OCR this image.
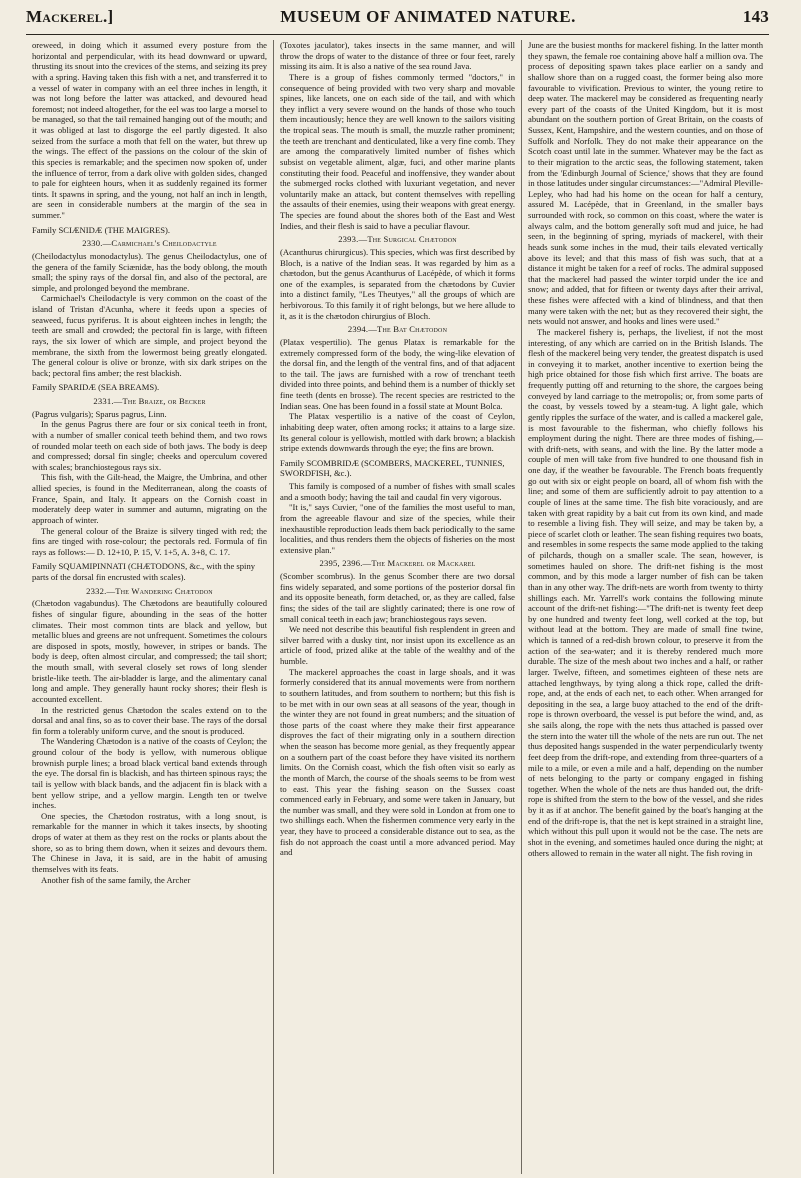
Mackerel.]	MUSEUM OF ANIMATED NATURE.	143

oreweed, in doing which it assumed every posture from the horizontal and perpendicular, with its head downward or upward, thrusting its snout into the crevices of the stems, and seizing its prey with a spring. Having taken this fish with a net, and transferred it to a vessel of water in company with an eel three inches in length, it was not long before the latter was attacked, and devoured head foremost; not indeed altogether, for the eel was too large a morsel to be managed, so that the tail remained hanging out of the mouth; and it was obliged at last to disgorge the eel partly digested. It also seized from the surface a moth that fell on the water, but threw up the wings. The effect of the passions on the colour of the skin of this species is remarkable; and the specimen now spoken of, under the influence of terror, from a dark olive with golden sides, changed to pale for eighteen hours, when it as suddenly regained its former tints. It spawns in spring, and the young, not half an inch in length, are seen in considerable numbers at the margin of the sea in summer."

Family SCIÆNIDÆ (THE MAIGRES).

2330.—Carmichael's Cheilodactyle

(Cheilodactylus monodactylus). The genus Cheilodactylus, one of the genera of the family Sciænidæ, has the body oblong, the mouth small; the spiny rays of the dorsal fin, and also of the pectoral, are simple, and prolonged beyond the membrane.

Carmichael's Cheilodactyle is very common on the coast of the island of Tristan d'Acunha, where it feeds upon a species of seaweed, fucus pyriferus. It is about eighteen inches in length; the teeth are small and crowded; the pectoral fin is large, with fifteen rays, the six lower of which are simple, and project beyond the membrane, the sixth from the lowermost being greatly elongated. The general colour is olive or bronze, with six dark stripes on the back; pectoral fins amber; the rest blackish.

Family SPARIDÆ (SEA BREAMS).

2331.—The Braize, or Becker

(Pagrus vulgaris); Sparus pagrus, Linn.

In the genus Pagrus there are four or six conical teeth in front, with a number of smaller conical teeth behind them, and two rows of rounded molar teeth on each side of both jaws. The body is deep and compressed; dorsal fin single; cheeks and operculum covered with scales; branchiostegous rays six.

This fish, with the Gilt-head, the Maigre, the Umbrina, and other allied species, is found in the Mediterranean, along the coasts of France, Spain, and Italy. It appears on the Cornish coast in moderately deep water in summer and autumn, migrating on the approach of winter.

The general colour of the Braize is silvery tinged with red; the fins are tinged with rose-colour; the pectorals red. Formula of fin rays as follows:— D. 12+10, P. 15, V. 1+5, A. 3+8, C. 17.

Family SQUAMIPINNATI (CHÆTODONS, &c., with the spiny parts of the dorsal fin encrusted with scales).

2332.—The Wandering Chætodon

(Chætodon vagabundus). The Chætodons are beautifully coloured fishes of singular figure, abounding in the seas of the hotter climates. Their most common tints are black and yellow, but metallic blues and greens are not unfrequent. Sometimes the colours are disposed in spots, mostly, however, in stripes or bands. The body is deep, often almost circular, and compressed; the tail short; the mouth small, with several closely set rows of long slender bristle-like teeth. The air-bladder is large, and the alimentary canal long and ample. They generally haunt rocky shores; their flesh is accounted excellent.

In the restricted genus Chætodon the scales extend on to the dorsal and anal fins, so as to cover their base. The rays of the dorsal fin form a tolerably uniform curve, and the snout is produced.

The Wandering Chætodon is a native of the coasts of Ceylon; the ground colour of the body is yellow, with numerous oblique brownish purple lines; a broad black vertical band extends through the eye. The dorsal fin is blackish, and has thirteen spinous rays; the tail is yellow with black bands, and the adjacent fin is black with a bent yellow stripe, and a yellow margin. Length ten or twelve inches.

One species, the Chætodon rostratus, with a long snout, is remarkable for the manner in which it takes insects, by shooting drops of water at them as they rest on the rocks or plants about the shore, so as to bring them down, when it seizes and devours them. The Chinese in Java, it is said, are in the habit of amusing themselves with its feats.

Another fish of the same family, the Archer

(Toxotes jaculator), takes insects in the same manner, and will throw the drops of water to the distance of three or four feet, rarely missing its aim. It is also a native of the sea round Java.

There is a group of fishes commonly termed "doctors," in consequence of being provided with two very sharp and movable spines, like lancets, one on each side of the tail, and with which they inflict a very severe wound on the hands of those who touch them incautiously; hence they are well known to the sailors visiting the tropical seas. The mouth is small, the muzzle rather prominent; the teeth are trenchant and denticulated, like a very fine comb. They are among the comparatively limited number of fishes which subsist on vegetable aliment, algæ, fuci, and other marine plants constituting their food. Peaceful and inoffensive, they wander about the submerged rocks clothed with luxuriant vegetation, and never voluntarily make an attack, but content themselves with repelling the assaults of their enemies, using their weapons with great energy. The species are found about the shores both of the East and West Indies, and their flesh is said to have a peculiar flavour.

2393.—The Surgical Chætodon

(Acanthurus chirurgicus). This species, which was first described by Bloch, is a native of the Indian seas. It was regarded by him as a chætodon, but the genus Acanthurus of Lacépède, of which it forms one of the examples, is separated from the chætodons by Cuvier into a distinct family, "Les Theutyes," all the groups of which are herbivorous. To this family it of right belongs, but we here allude to it, as it is the chætodon chirurgius of Bloch.

2394.—The Bat Chætodon

(Platax vespertilio). The genus Platax is remarkable for the extremely compressed form of the body, the wing-like elevation of the dorsal fin, and the length of the ventral fins, and of that adjacent to the tail. The jaws are furnished with a row of trenchant teeth divided into three points, and behind them is a number of thickly set fine teeth (dents en brosse). The recent species are restricted to the Indian seas. One has been found in a fossil state at Mount Bolca.

The Platax vespertilio is a native of the coast of Ceylon, inhabiting deep water, often among rocks; it attains to a large size. Its general colour is yellowish, mottled with dark brown; a blackish stripe extends downwards through the eye; the fins are brown.

Family SCOMBRIDÆ (SCOMBERS, MACKEREL, TUNNIES, SWORDFISH, &c.).

This family is composed of a number of fishes with small scales and a smooth body; having the tail and caudal fin very vigorous.

"It is," says Cuvier, "one of the families the most useful to man, from the agreeable flavour and size of the species, while their inexhaustible reproduction leads them back periodically to the same localities, and thus renders them the objects of fisheries on the most extensive plan."

2395, 2396.—The Mackerel or Mackarel

(Scomber scombrus). In the genus Scomber there are two dorsal fins widely separated, and some portions of the posterior dorsal fin and its opposite beneath, form detached, or, as they are called, false fins; the sides of the tail are slightly carinated; there is one row of small conical teeth in each jaw; branchiostegous rays seven.

We need not describe this beautiful fish resplendent in green and silver barred with a dusky tint, nor insist upon its excellence as an article of food, prized alike at the table of the wealthy and of the humble.

The mackerel approaches the coast in large shoals, and it was formerly considered that its annual movements were from northern to southern latitudes, and from southern to northern; but this fish is to be met with in our own seas at all seasons of the year, though in the winter they are not found in great numbers; and the situation of those parts of the coast where they make their first appearance disproves the fact of their migrating only in a southern direction when the season has become more genial, as they frequently appear on a southern part of the coast before they have visited its northern limits. On the Cornish coast, which the fish often visit so early as the month of March, the course of the shoals seems to be from west to east. This year the fishing season on the Sussex coast commenced early in February, and some were taken in January, but the number was small, and they were sold in London at from one to two shillings each. When the fishermen commence very early in the year, they have to proceed a considerable distance out to sea, as the fish do not approach the coast until a more advanced period. May and

June are the busiest months for mackerel fishing. In the latter month they spawn, the female roe containing above half a million ova. The process of depositing spawn takes place earlier on a sandy and shallow shore than on a rugged coast, the former being also more favourable to vivification. Previous to winter, the young retire to deep water. The mackerel may be considered as frequenting nearly every part of the coasts of the United Kingdom, but it is most abundant on the southern portion of Great Britain, on the coasts of Sussex, Kent, Hampshire, and the western counties, and on those of Suffolk and Norfolk. They do not make their appearance on the Scotch coast until late in the summer. Whatever may be the fact as to their migration to the arctic seas, the following statement, taken from the 'Edinburgh Journal of Science,' shows that they are found in those latitudes under singular circumstances:—"Admiral Pleville-Lepley, who had had his home on the ocean for half a century, assured M. Lacépède, that in Greenland, in the smaller bays surrounded with rock, so common on this coast, where the water is always calm, and the bottom generally soft mud and juice, he had seen, in the beginning of spring, myriads of mackerel, with their heads sunk some inches in the mud, their tails elevated vertically above its level; and that this mass of fish was such, that at a distance it might be taken for a reef of rocks. The admiral supposed that the mackerel had passed the winter torpid under the ice and snow; and added, that for fifteen or twenty days after their arrival, these fishes were affected with a kind of blindness, and that then many were taken with the net; but as they recovered their sight, the nets would not answer, and hooks and lines were used."

The mackerel fishery is, perhaps, the liveliest, if not the most interesting, of any which are carried on in the British Islands. The flesh of the mackerel being very tender, the greatest dispatch is used in conveying it to market, another incentive to exertion being the high price obtained for those fish which first arrive. The boats are frequently putting off and returning to the shore, the cargoes being conveyed by land carriage to the metropolis; or, from some parts of the coast, by vessels towed by a steam-tug. A light gale, which gently ripples the surface of the water, and is called a mackerel gale, is most favourable to the fisherman, who chiefly follows his employment during the night. There are three modes of fishing,—with drift-nets, with seans, and with the line. By the latter mode a couple of men will take from five hundred to one thousand fish in one day, if the weather be favourable. The French boats frequently go out with six or eight people on board, all of whom fish with the line; and some of them are sufficiently adroit to pay attention to a couple of lines at the same time. The fish bite voraciously, and are taken with great rapidity by a bait cut from its own kind, and made to resemble a living fish. They will seize, and may be taken by, a piece of scarlet cloth or leather. The sean fishing requires two boats, and resembles in some respects the same mode applied to the taking of pilchards, though on a smaller scale. The sean, however, is sometimes hauled on shore. The drift-net fishing is the most common, and by this mode a larger number of fish can be taken than in any other way. The drift-nets are worth from twenty to thirty shillings each. Mr. Yarrell's work contains the following minute account of the drift-net fishing:—"The drift-net is twenty feet deep by one hundred and twenty feet long, well corked at the top, but without lead at the bottom. They are made of small fine twine, which is tanned of a red-dish brown colour, to preserve it from the action of the sea-water; and it is thereby rendered much more durable. The size of the mesh about two inches and a half, or rather larger. Twelve, fifteen, and sometimes eighteen of these nets are attached lengthways, by tying along a thick rope, called the drift-rope, and, at the ends of each net, to each other. When arranged for depositing in the sea, a large buoy attached to the end of the drift-rope is thrown overboard, the vessel is put before the wind, and, as she sails along, the rope with the nets thus attached is passed over the stern into the water till the whole of the nets are run out. The net thus deposited hangs suspended in the water perpendicularly twenty feet deep from the drift-rope, and extending from three-quarters of a mile to a mile, or even a mile and a half, depending on the number of nets belonging to the party or company engaged in fishing together. When the whole of the nets are thus handed out, the drift-rope is shifted from the stern to the bow of the vessel, and she rides by it as if at anchor. The benefit gained by the boat's hanging at the end of the drift-rope is, that the net is kept strained in a straight line, which without this pull upon it would not be the case. The nets are shot in the evening, and sometimes hauled once during the night; at others allowed to remain in the water all night. The fish roving in
